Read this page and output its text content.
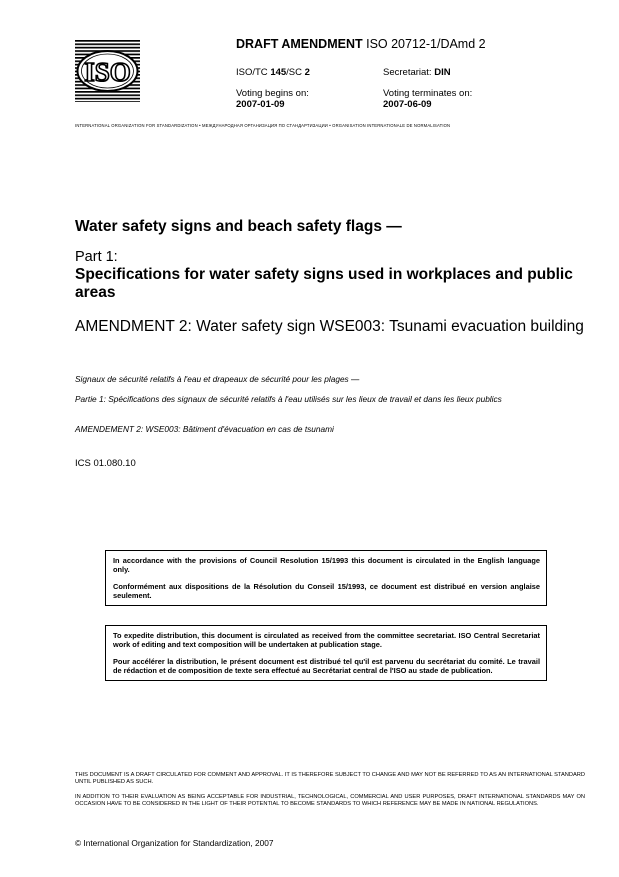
ISO
DRAFT AMENDMENT ISO 20712-1/DAmd 2
ISO/TC 145/SC 2	Secretariat: DIN
Voting begins on:
2007-01-09
Voting terminates on:
2007-06-09
INTERNATIONAL ORGANIZATION FOR STANDARDIZATION • МЕЖДУНАРОДНАЯ ОРГАНИЗАЦИЯ ПО СТАНДАРТИЗАЦИИ • ORGANISATION INTERNATIONALE DE NORMALISATION
Water safety signs and beach safety flags —
Part 1:
Specifications for water safety signs used in workplaces and public areas
AMENDMENT 2: Water safety sign WSE003: Tsunami evacuation building
Signaux de sécurité relatifs à l'eau et drapeaux de sécurité pour les plages —
Partie 1: Spécifications des signaux de sécurité relatifs à l'eau utilisés sur les lieux de travail et dans les lieux publics
AMENDEMENT 2: WSE003: Bâtiment d'évacuation en cas de tsunami
ICS 01.080.10

In accordance with the provisions of Council Resolution 15/1993 this document is circulated in the English language only.

Conformément aux dispositions de la Résolution du Conseil 15/1993, ce document est distribué en version anglaise seulement.

To expedite distribution, this document is circulated as received from the committee secretariat. ISO Central Secretariat work of editing and text composition will be undertaken at publication stage.

Pour accélérer la distribution, le présent document est distribué tel qu'il est parvenu du secrétariat du comité. Le travail de rédaction et de composition de texte sera effectué au Secrétariat central de l'ISO au stade de publication.

THIS DOCUMENT IS A DRAFT CIRCULATED FOR COMMENT AND APPROVAL. IT IS THEREFORE SUBJECT TO CHANGE AND MAY NOT BE REFERRED TO AS AN INTERNATIONAL STANDARD UNTIL PUBLISHED AS SUCH.
IN ADDITION TO THEIR EVALUATION AS BEING ACCEPTABLE FOR INDUSTRIAL, TECHNOLOGICAL, COMMERCIAL AND USER PURPOSES, DRAFT INTERNATIONAL STANDARDS MAY ON OCCASION HAVE TO BE CONSIDERED IN THE LIGHT OF THEIR POTENTIAL TO BECOME STANDARDS TO WHICH REFERENCE MAY BE MADE IN NATIONAL REGULATIONS.
© International Organization for Standardization, 2007
